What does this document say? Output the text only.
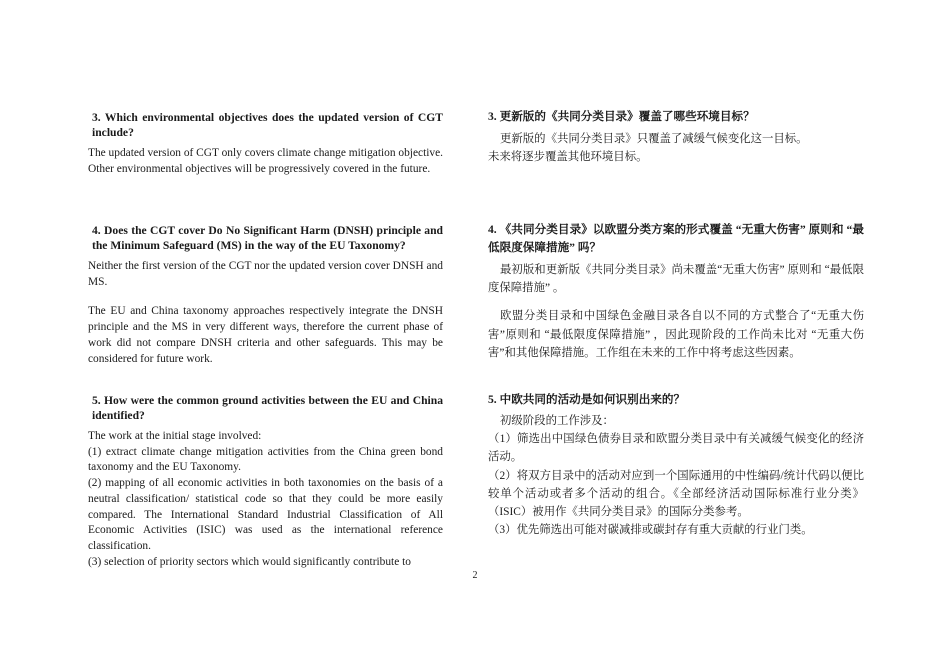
3. Which environmental objectives does the updated version of CGT include?

The updated version of CGT only covers climate change mitigation objective.

Other environmental objectives will be progressively covered in the future.

4. Does the CGT cover Do No Significant Harm (DNSH) principle and the Minimum Safeguard (MS) in the way of the EU Taxonomy?

Neither the first version of the CGT nor the updated version cover DNSH and MS.

The EU and China taxonomy approaches respectively integrate the DNSH principle and the MS in very different ways, therefore the current phase of work did not compare DNSH criteria and other safeguards. This may be considered for future work.

5. How were the common ground activities between the EU and China identified?

The work at the initial stage involved:

(1) extract climate change mitigation activities from the China green bond taxonomy and the EU Taxonomy.

(2) mapping of all economic activities in both taxonomies on the basis of a neutral classification/ statistical code so that they could be more easily compared. The International Standard Industrial Classification of All Economic Activities (ISIC) was used as the international reference classification.

(3) selection of priority sectors which would significantly contribute to

3. 更新版的《共同分类目录》覆盖了哪些环境目标？

更新版的《共同分类目录》只覆盖了减缓气候变化这一目标。

未来将逐步覆盖其他环境目标。

4. 《共同分类目录》以欧盟分类方案的形式覆盖 “无重大伤害” 原则和 “最低限度保障措施” 吗？

最初版和更新版《共同分类目录》尚未覆盖“无重大伤害” 原则和 “最低限度保障措施” 。

欧盟分类目录和中国绿色金融目录各自以不同的方式整合了“无重大伤害”原则和 “最低限度保障措施” ，因此现阶段的工作尚未比对 “无重大伤害”和其他保障措施。工作组在未来的工作中将考虑这些因素。

5. 中欧共同的活动是如何识别出来的？

初级阶段的工作涉及：

（1）筛选出中国绿色债券目录和欧盟分类目录中有关减缓气候变化的经济活动。

（2）将双方目录中的活动对应到一个国际通用的中性编码/统计代码以便比较单个活动或者多个活动的组合。《全部经济活动国际标准行业分类》（ISIC）被用作《共同分类目录》的国际分类参考。

（3）优先筛选出可能对碳减排或碳封存有重大贡献的行业门类。

2
